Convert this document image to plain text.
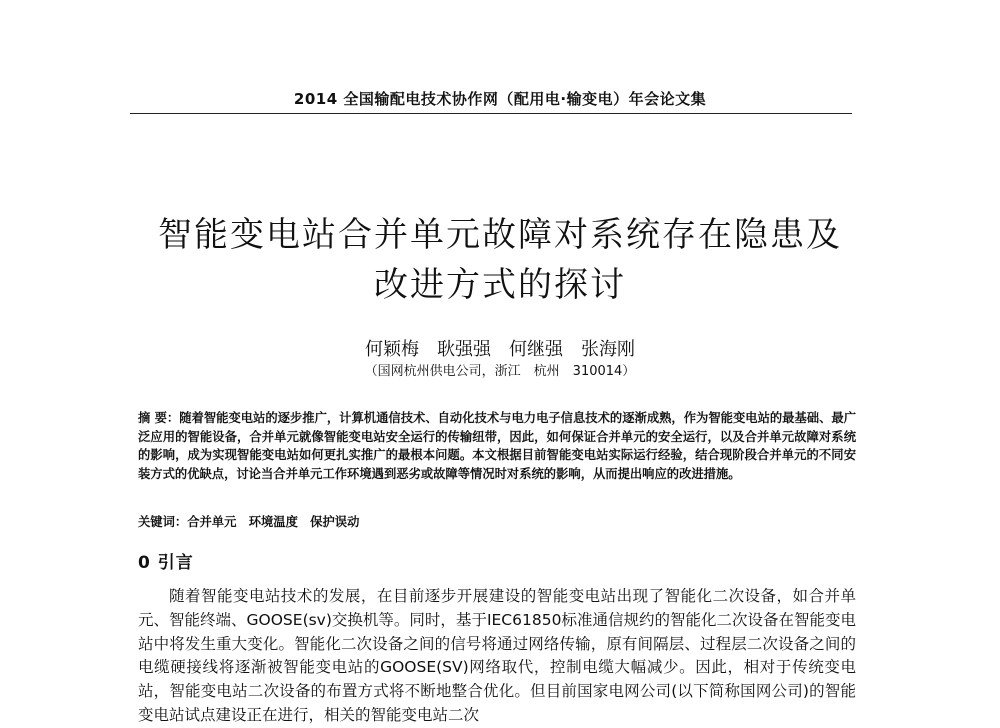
2014 全国输配电技术协作网（配用电·输变电）年会论文集
智能变电站合并单元故障对系统存在隐患及
改进方式的探讨
何颖梅　耿强强　何继强　张海刚
（国网杭州供电公司，浙江　杭州　310014）
摘 要：随着智能变电站的逐步推广，计算机通信技术、自动化技术与电力电子信息技术的逐渐成熟，作为智能变电站的最基础、最广泛应用的智能设备，合并单元就像智能变电站安全运行的传输纽带，因此，如何保证合并单元的安全运行，以及合并单元故障对系统的影响，成为实现智能变电站如何更扎实推广的最根本问题。本文根据目前智能变电站实际运行经验，结合现阶段合并单元的不同安装方式的优缺点，讨论当合并单元工作环境遇到恶劣或故障等情况时对系统的影响，从而提出响应的改进措施。
关键词：合并单元　环境温度　保护误动
0 引言
随着智能变电站技术的发展，在目前逐步开展建设的智能变电站出现了智能化二次设备，如合并单元、智能终端、GOOSE(sv)交换机等。同时，基于IEC61850标准通信规约的智能化二次设备在智能变电站中将发生重大变化。智能化二次设备之间的信号将通过网络传输，原有间隔层、过程层二次设备之间的电缆硬接线将逐渐被智能变电站的GOOSE(SV)网络取代，控制电缆大幅减少。因此，相对于传统变电站，智能变电站二次设备的布置方式将不断地整合优化。但目前国家电网公司(以下简称国网公司)的智能变电站试点建设正在进行，相关的智能变电站二次
